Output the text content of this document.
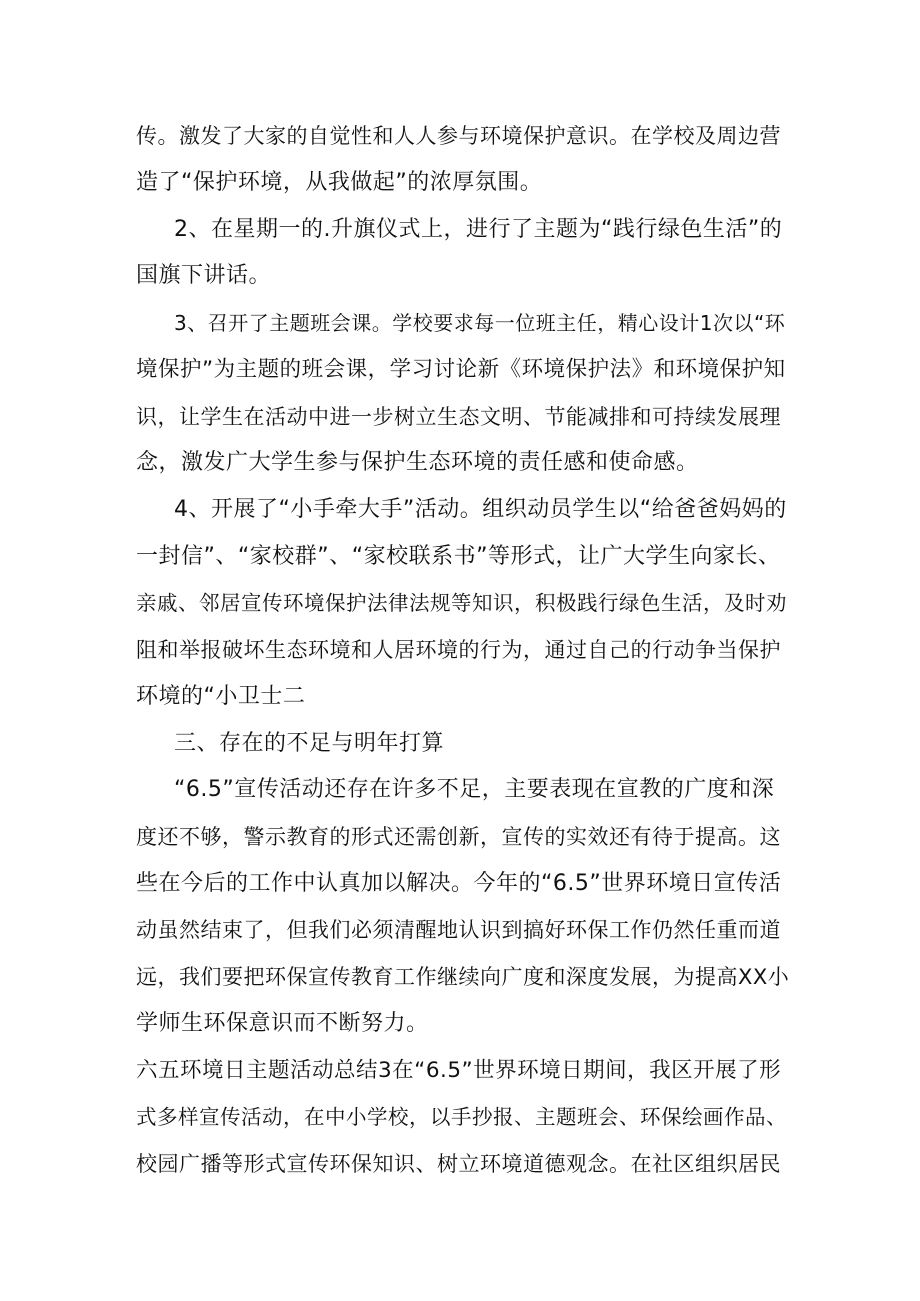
传。激发了大家的自觉性和人人参与环境保护意识。在学校及周边营
造了“保护环境，从我做起”的浓厚氛围。
2、在星期一的.升旗仪式上，进行了主题为“践行绿色生活”的
国旗下讲话。
3、召开了主题班会课。学校要求每一位班主任，精心设计1次以“环
境保护”为主题的班会课，学习讨论新《环境保护法》和环境保护知
识，让学生在活动中进一步树立生态文明、节能减排和可持续发展理
念，激发广大学生参与保护生态环境的责任感和使命感。
4、开展了“小手牵大手”活动。组织动员学生以“给爸爸妈妈的
一封信”、“家校群”、“家校联系书”等形式，让广大学生向家长、
亲戚、邻居宣传环境保护法律法规等知识，积极践行绿色生活，及时劝
阻和举报破坏生态环境和人居环境的行为，通过自己的行动争当保护
环境的“小卫士二
三、存在的不足与明年打算
“6.5”宣传活动还存在许多不足，主要表现在宣教的广度和深
度还不够，警示教育的形式还需创新，宣传的实效还有待于提高。这
些在今后的工作中认真加以解决。今年的“6.5”世界环境日宣传活
动虽然结束了，但我们必须清醒地认识到搞好环保工作仍然任重而道
远，我们要把环保宣传教育工作继续向广度和深度发展，为提高XX小
学师生环保意识而不断努力。
六五环境日主题活动总结3在“6.5”世界环境日期间，我区开展了形
式多样宣传活动，在中小学校，以手抄报、主题班会、环保绘画作品、
校园广播等形式宣传环保知识、树立环境道德观念。在社区组织居民
